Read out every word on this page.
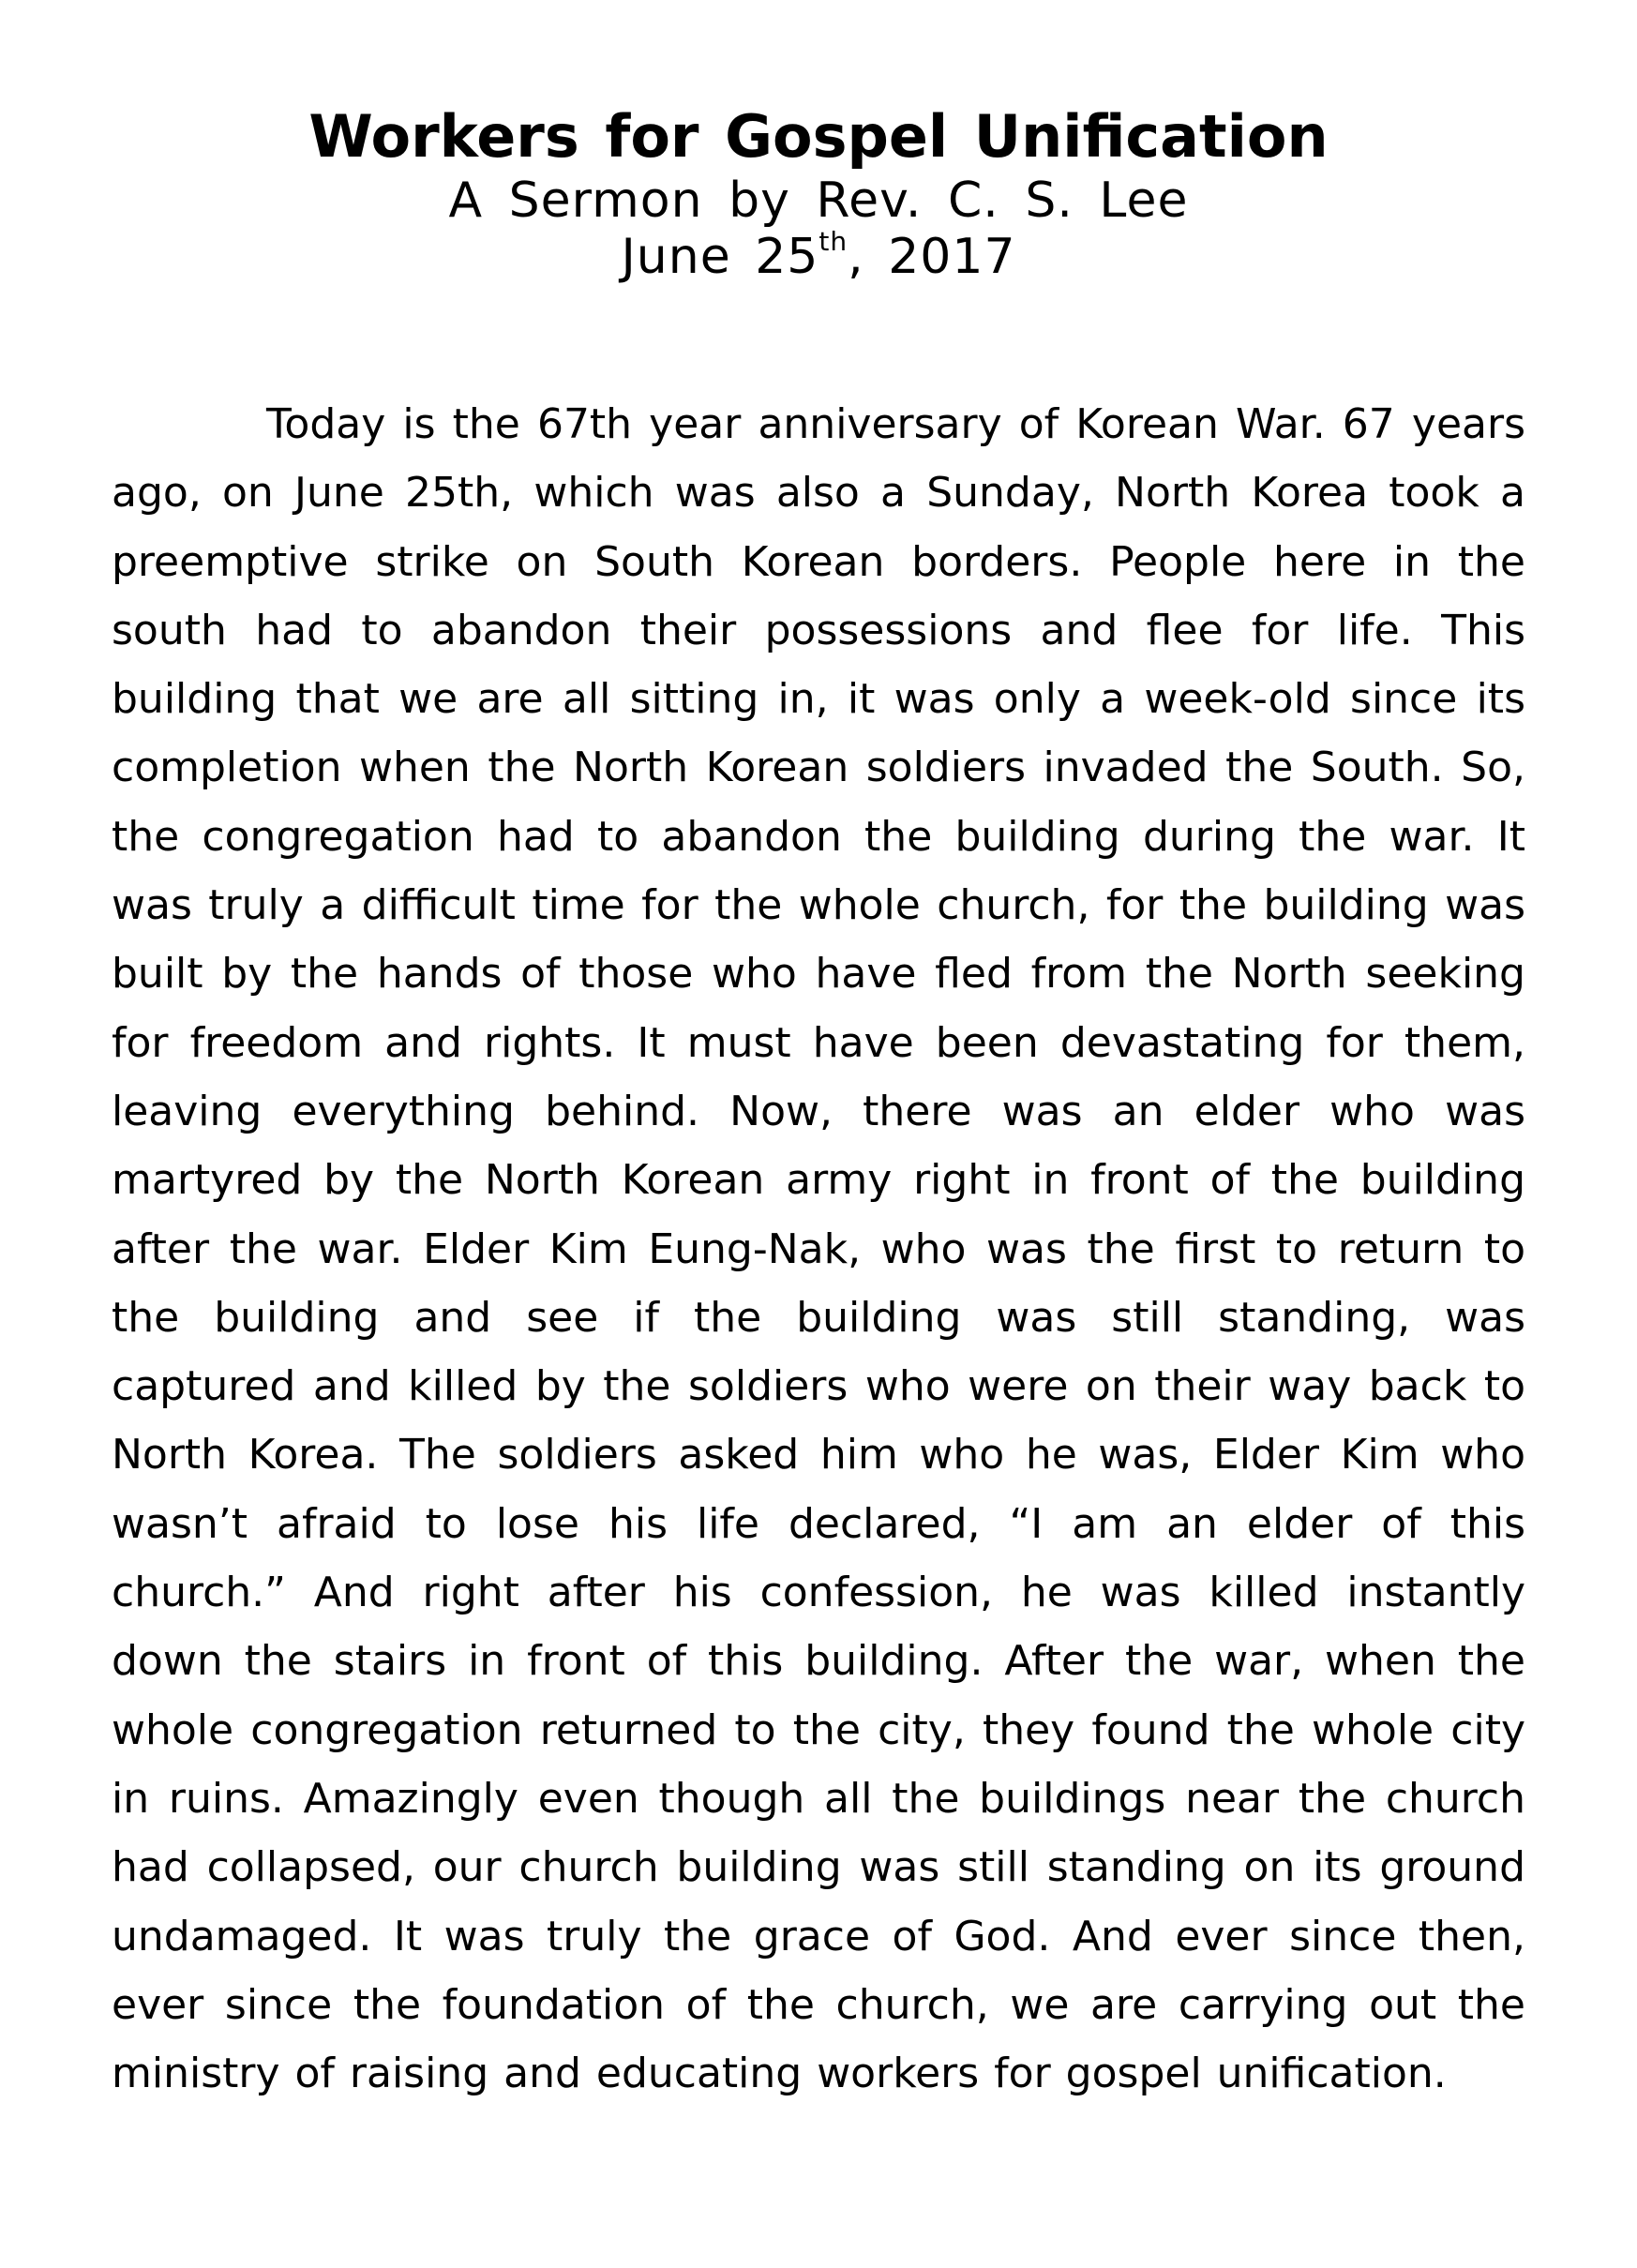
Workers for Gospel Unification

A Sermon by Rev. C. S. Lee

June 25th, 2017

Today is the 67th year anniversary of Korean War. 67 years ago, on June 25th, which was also a Sunday, North Korea took a preemptive strike on South Korean borders. People here in the south had to abandon their possessions and flee for life. This building that we are all sitting in, it was only a week-old since its completion when the North Korean soldiers invaded the South. So, the congregation had to abandon the building during the war. It was truly a difficult time for the whole church, for the building was built by the hands of those who have fled from the North seeking for freedom and rights. It must have been devastating for them, leaving everything behind. Now, there was an elder who was martyred by the North Korean army right in front of the building after the war. Elder Kim Eung-Nak, who was the first to return to the building and see if the building was still standing, was captured and killed by the soldiers who were on their way back to North Korea. The soldiers asked him who he was, Elder Kim who wasn’t afraid to lose his life declared, “I am an elder of this church.” And right after his confession, he was killed instantly down the stairs in front of this building. After the war, when the whole congregation returned to the city, they found the whole city in ruins. Amazingly even though all the buildings near the church had collapsed, our church building was still standing on its ground undamaged. It was truly the grace of God. And ever since then, ever since the foundation of the church, we are carrying out the ministry of raising and educating workers for gospel unification.
